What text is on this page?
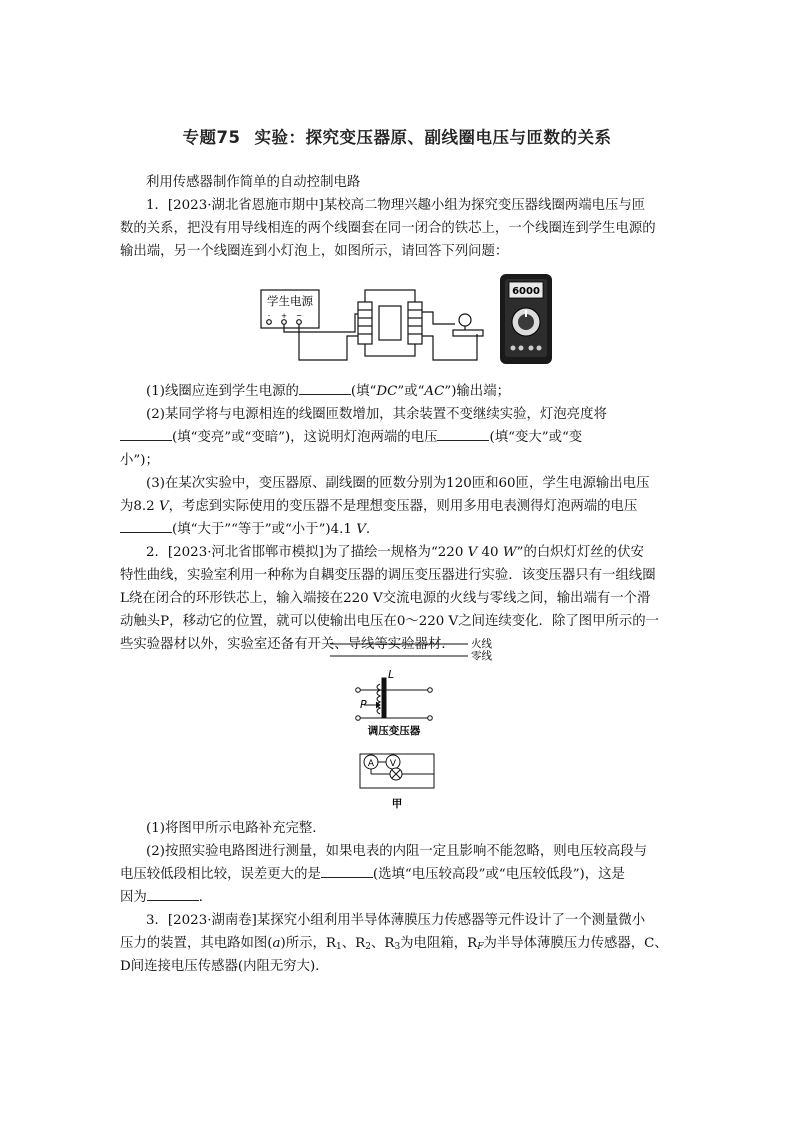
专题75 实验：探究变压器原、副线圈电压与匝数的关系
利用传感器制作简单的自动控制电路
1．[2023·湖北省恩施市期中]某校高二物理兴趣小组为探究变压器线圈两端电压与匝
数的关系，把没有用导线相连的两个线圈套在同一闭合的铁芯上，一个线圈连到学生电源的
输出端，另一个线圈连到小灯泡上，如图所示，请回答下列问题：
学生电源
- + ~
6000
(1)线圈应连到学生电源的	(填“DC”或“AC”)输出端；
(2)某同学将与电源相连的线圈匝数增加，其余装置不变继续实验，灯泡亮度将
(填“变亮”或“变暗”)，这说明灯泡两端的电压	(填“变大”或“变
小”)；
(3)在某次实验中，变压器原、副线圈的匝数分别为120匝和60匝，学生电源输出电压
为8.2 V，考虑到实际使用的变压器不是理想变压器，则用多用电表测得灯泡两端的电压
(填“大于”“等于”或“小于”)4.1 V.
2．[2023·河北省邯郸市模拟]为了描绘一规格为“220 V 40 W”的白炽灯灯丝的伏安
特性曲线，实验室利用一种称为自耦变压器的调压变压器进行实验．该变压器只有一组线圈
L绕在闭合的环形铁芯上，输入端接在220 V交流电源的火线与零线之间，输出端有一个滑
动触头P，移动它的位置，就可以使输出电压在0～220 V之间连续变化．除了图甲所示的一
些实验器材以外，实验室还备有开关、导线等实验器材． 火线
零线
L
P
调压变压器
A V
甲
(1)将图甲所示电路补充完整．
(2)按照实验电路图进行测量，如果电表的内阻一定且影响不能忽略，则电压较高段与
电压较低段相比较，误差更大的是	(选填“电压较高段”或“电压较低段”)，这是
因为	．
3．[2023·湖南卷]某探究小组利用半导体薄膜压力传感器等元件设计了一个测量微小
压力的装置，其电路如图(a)所示，$R_1$、$R_2$、$R_3$为电阻箱，$R_F$为半导体薄膜压力传感器，C、
D间连接电压传感器(内阻无穷大)．
